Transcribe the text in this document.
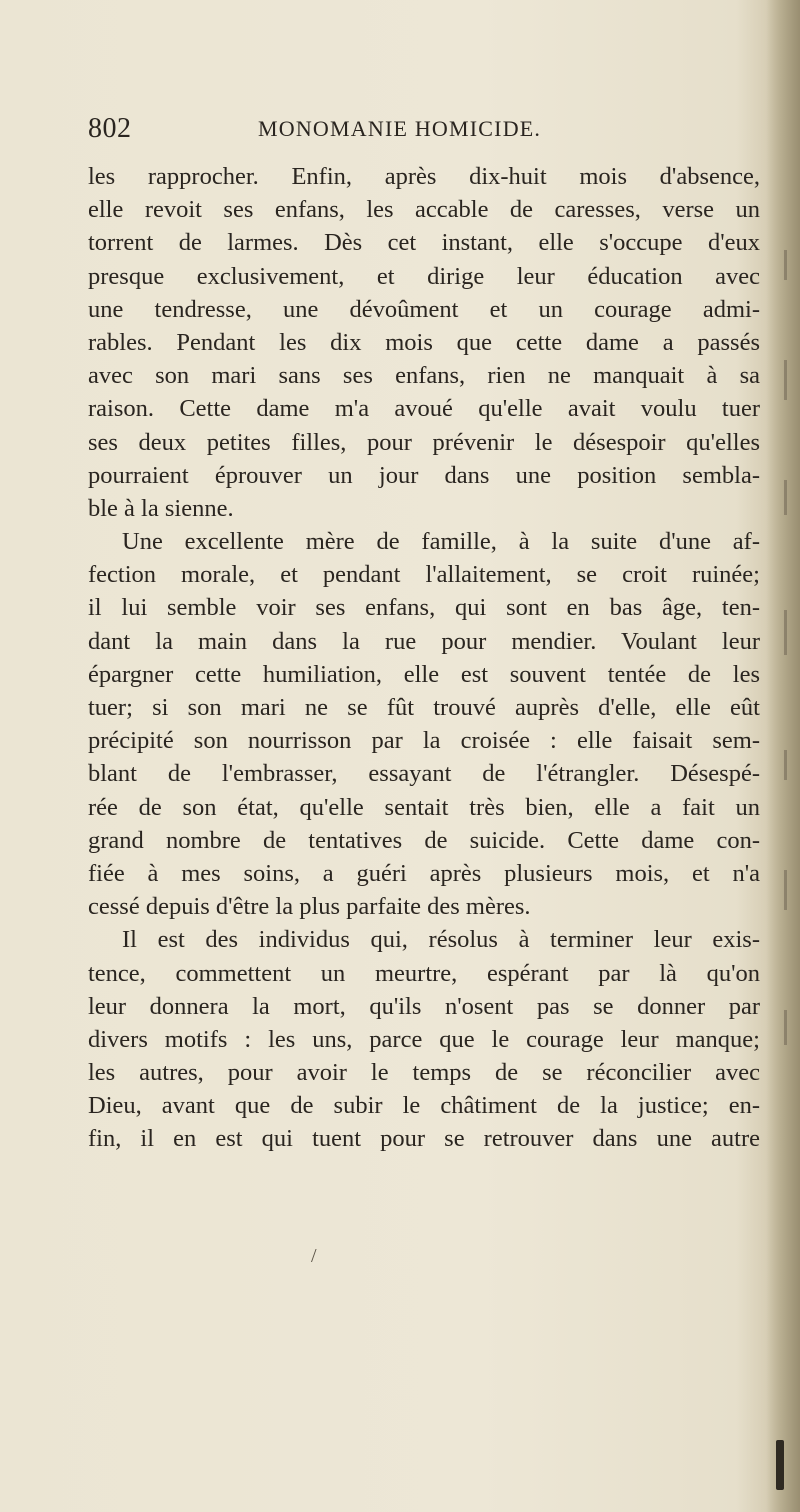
802	MONOMANIE HOMICIDE.
les rapprocher. Enfin, après dix-huit mois d'absence,
elle revoit ses enfans, les accable de caresses, verse un
torrent de larmes. Dès cet instant, elle s'occupe d'eux
presque exclusivement, et dirige leur éducation avec
une tendresse, une dévoûment et un courage admi-
rables. Pendant les dix mois que cette dame a passés
avec son mari sans ses enfans, rien ne manquait à sa
raison. Cette dame m'a avoué qu'elle avait voulu tuer
ses deux petites filles, pour prévenir le désespoir qu'elles
pourraient éprouver un jour dans une position sembla-
ble à la sienne.
Une excellente mère de famille, à la suite d'une af-
fection morale, et pendant l'allaitement, se croit ruinée;
il lui semble voir ses enfans, qui sont en bas âge, ten-
dant la main dans la rue pour mendier. Voulant leur
épargner cette humiliation, elle est souvent tentée de les
tuer; si son mari ne se fût trouvé auprès d'elle, elle eût
précipité son nourrisson par la croisée : elle faisait sem-
blant de l'embrasser, essayant de l'étrangler. Désespé-
rée de son état, qu'elle sentait très bien, elle a fait un
grand nombre de tentatives de suicide. Cette dame con-
fiée à mes soins, a guéri après plusieurs mois, et n'a
cessé depuis d'être la plus parfaite des mères.
Il est des individus qui, résolus à terminer leur exis-
tence, commettent un meurtre, espérant par là qu'on
leur donnera la mort, qu'ils n'osent pas se donner par
divers motifs : les uns, parce que le courage leur manque;
les autres, pour avoir le temps de se réconcilier avec
Dieu, avant que de subir le châtiment de la justice; en-
fin, il en est qui tuent pour se retrouver dans une autre
/
